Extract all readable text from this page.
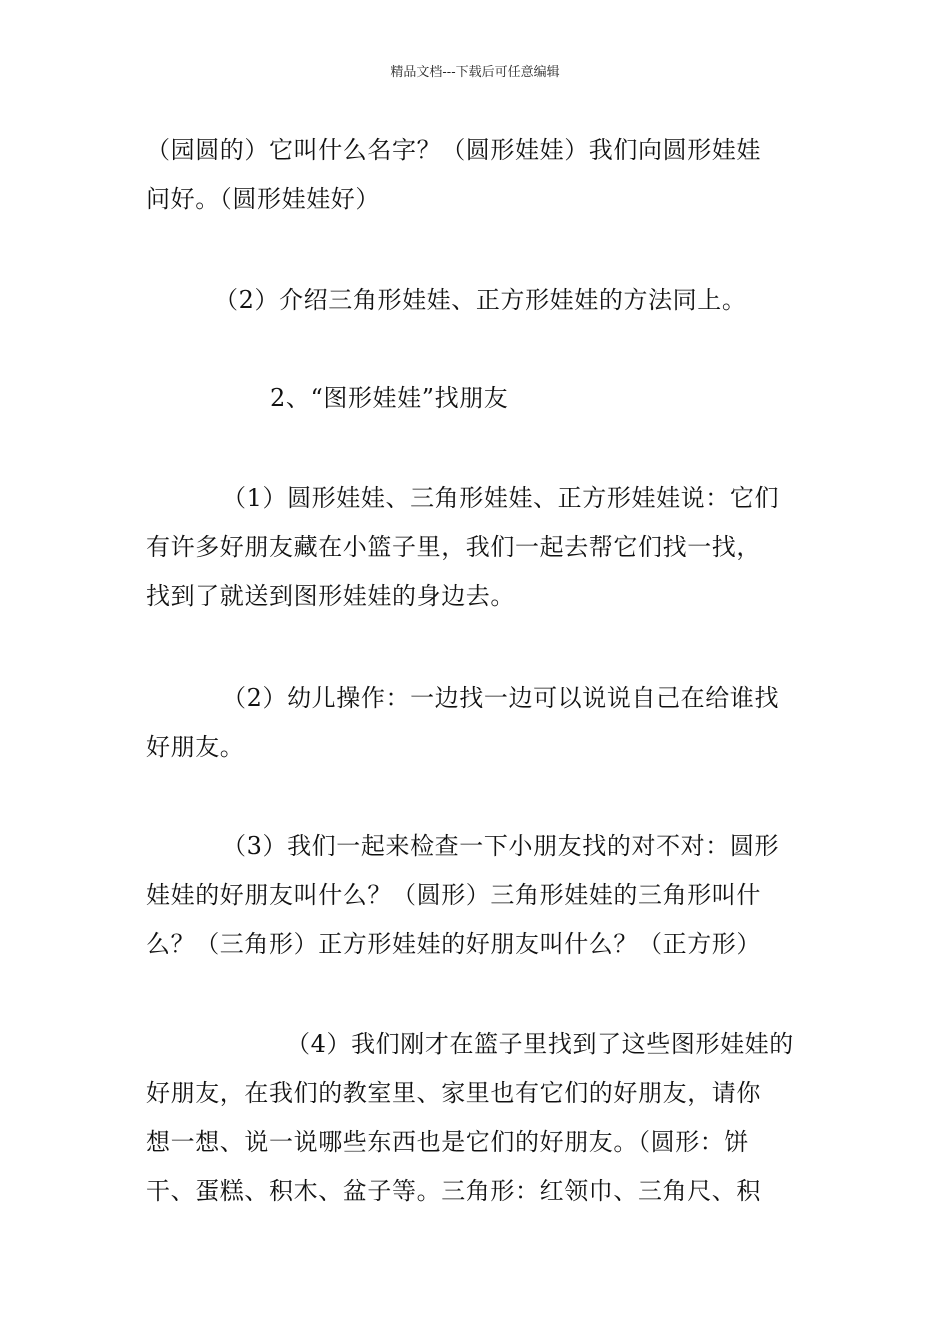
精品文档---下载后可任意编辑
（园圆的）它叫什么名字？（圆形娃娃）我们向圆形娃娃
问好。（圆形娃娃好）
（2）介绍三角形娃娃、正方形娃娃的方法同上。
2、“图形娃娃”找朋友
（1）圆形娃娃、三角形娃娃、正方形娃娃说：它们
有许多好朋友藏在小篮子里，我们一起去帮它们找一找，
找到了就送到图形娃娃的身边去。
（2）幼儿操作：一边找一边可以说说自己在给谁找
好朋友。
（3）我们一起来检查一下小朋友找的对不对：圆形
娃娃的好朋友叫什么？（圆形）三角形娃娃的三角形叫什
么？（三角形）正方形娃娃的好朋友叫什么？（正方形）
（4）我们刚才在篮子里找到了这些图形娃娃的
好朋友，在我们的教室里、家里也有它们的好朋友，请你
想一想、说一说哪些东西也是它们的好朋友。（圆形：饼
干、蛋糕、积木、盆子等。三角形：红领巾、三角尺、积
